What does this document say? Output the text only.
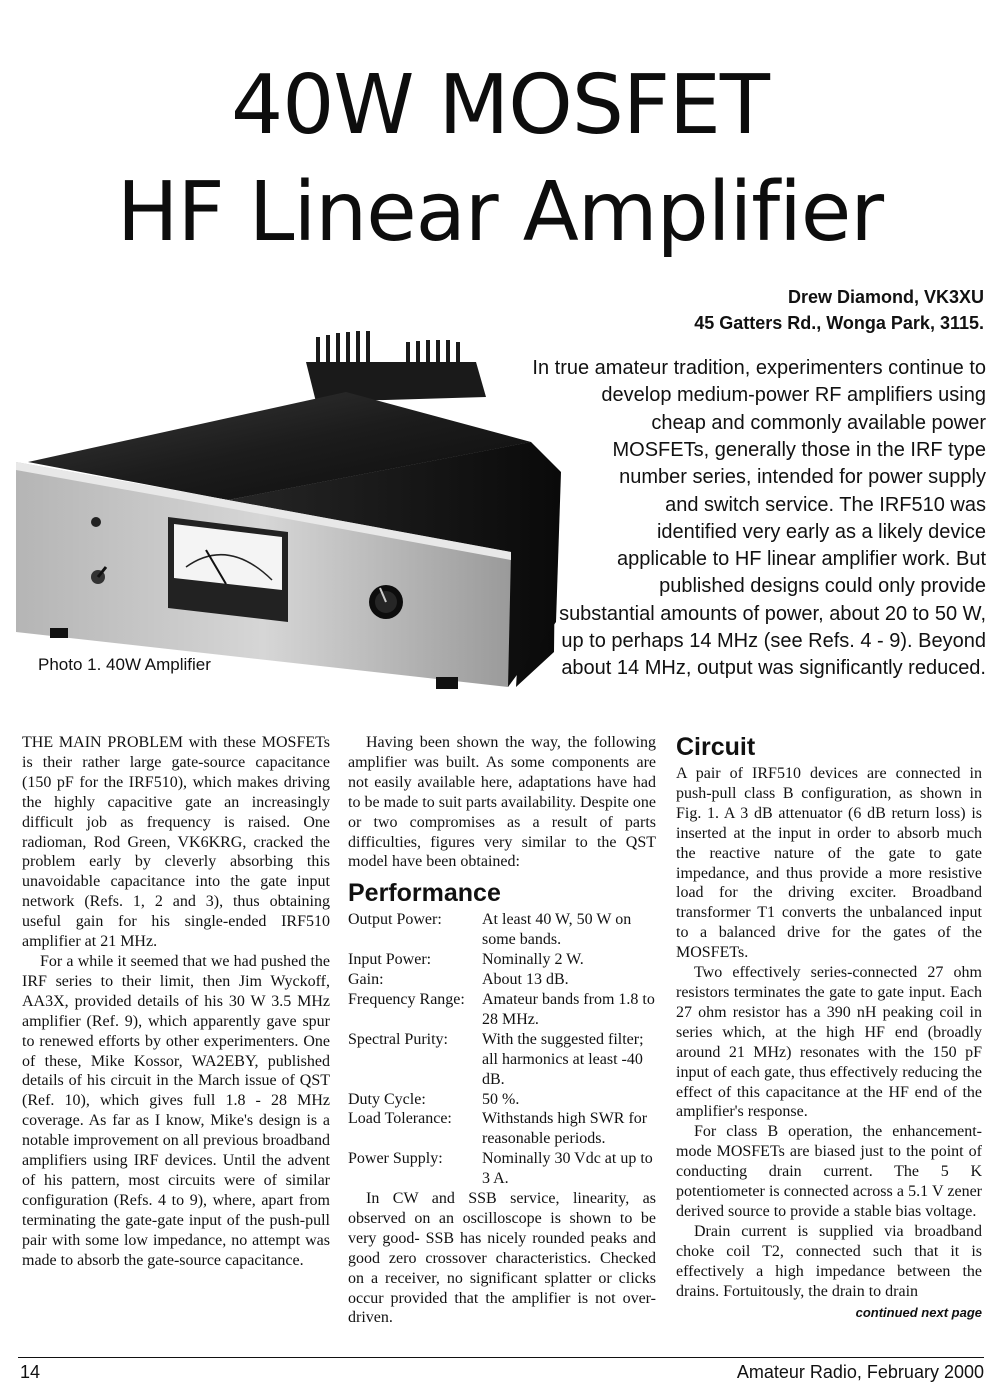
40W MOSFET
HF Linear Amplifier
Drew Diamond, VK3XU
45 Gatters Rd., Wonga Park, 3115.
Photo 1. 40W Amplifier
In true amateur tradition, experimenters continue to
develop medium-power RF amplifiers using
cheap and commonly available power
MOSFETs, generally those in the IRF type
number series, intended for power supply
and switch service. The IRF510 was
identified very early as a likely device
applicable to HF linear amplifier work. But
published designs could only provide
substantial amounts of power, about 20 to 50 W,
up to perhaps 14 MHz (see Refs. 4 - 9). Beyond
about 14 MHz, output was significantly reduced.

THE MAIN PROBLEM with these MOSFETs is their rather large gate-source capacitance (150 pF for the IRF510), which makes driving the highly capacitive gate an increasingly difficult job as frequency is raised. One radioman, Rod Green, VK6KRG, cracked the problem early by cleverly absorbing this unavoidable capacitance into the gate input network (Refs. 1, 2 and 3), thus obtaining useful gain for his single-ended IRF510 amplifier at 21 MHz.

For a while it seemed that we had pushed the IRF series to their limit, then Jim Wyckoff, AA3X, provided details of his 30 W 3.5 MHz amplifier (Ref. 9), which apparently gave spur to renewed efforts by other experimenters. One of these, Mike Kossor, WA2EBY, published details of his circuit in the March issue of QST (Ref. 10), which gives full 1.8 - 28 MHz coverage. As far as I know, Mike's design is a notable improvement on all previous broadband amplifiers using IRF devices. Until the advent of his pattern, most circuits were of similar configuration (Refs. 4 to 9), where, apart from terminating the gate-gate input of the push-pull pair with some low impedance, no attempt was made to absorb the gate-source capacitance.

Having been shown the way, the following amplifier was built. As some components are not easily available here, adaptations have had to be made to suit parts availability. Despite one or two compromises as a result of parts difficulties, figures very similar to the QST model have been obtained:

Performance
Output Power:	At least 40 W, 50 W on some bands.
Input Power:	Nominally 2 W.
Gain:	About 13 dB.
Frequency Range:	Amateur bands from 1.8 to 28 MHz.
Spectral Purity:	With the suggested filter; all harmonics at least -40 dB.
Duty Cycle:	50 %.
Load Tolerance:	Withstands high SWR for reasonable periods.
Power Supply:	Nominally 30 Vdc at up to 3 A.

In CW and SSB service, linearity, as observed on an oscilloscope is shown to be very good- SSB has nicely rounded peaks and good zero crossover characteristics. Checked on a receiver, no significant splatter or clicks occur provided that the amplifier is not over-driven.

Circuit

A pair of IRF510 devices are connected in push-pull class B configuration, as shown in Fig. 1. A 3 dB attenuator (6 dB return loss) is inserted at the input in order to absorb much the reactive nature of the gate to gate impedance, and thus provide a more resistive load for the driving exciter. Broadband transformer T1 converts the unbalanced input to a balanced drive for the gates of the MOSFETs.

Two effectively series-connected 27 ohm resistors terminates the gate to gate input. Each 27 ohm resistor has a 390 nH peaking coil in series which, at the high HF end (broadly around 21 MHz) resonates with the 150 pF input of each gate, thus effectively reducing the effect of this capacitance at the HF end of the amplifier's response.

For class B operation, the enhancement-mode MOSFETs are biased just to the point of conducting drain current. The 5 K potentiometer is connected across a 5.1 V zener derived source to provide a stable bias voltage.

Drain current is supplied via broadband choke coil T2, connected such that it is effectively a high impedance between the drains. Fortuitously, the drain to drain

continued next page
14	Amateur Radio, February 2000
